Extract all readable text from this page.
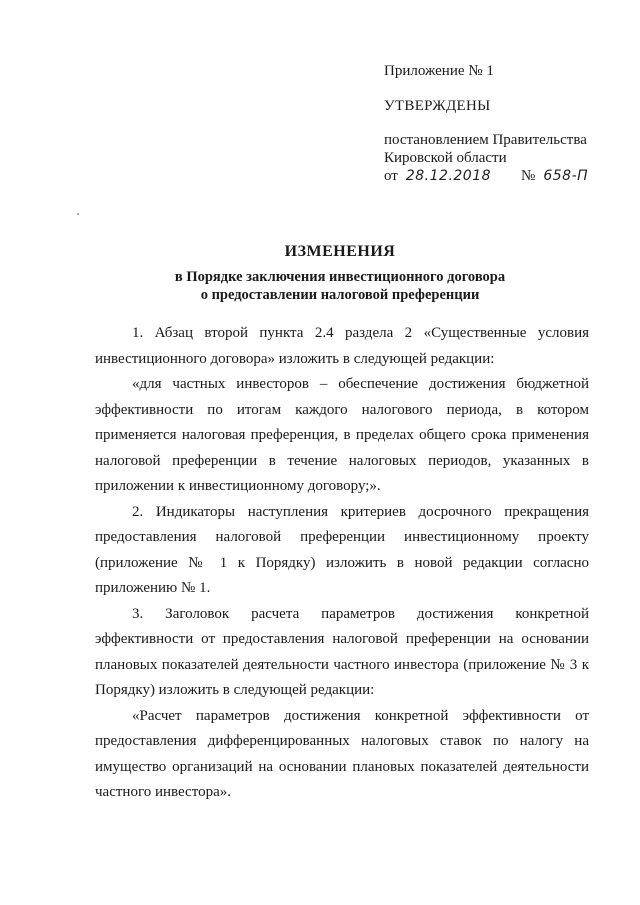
Приложение № 1

УТВЕРЖДЕНЫ

постановлением Правительства

Кировской области

от 28.12.2018 № 658-П

ИЗМЕНЕНИЯ

в Порядке заключения инвестиционного договора

о предоставлении налоговой преференции

1. Абзац второй пункта 2.4 раздела 2 «Существенные условия инвестиционного договора» изложить в следующей редакции:

«для частных инвесторов – обеспечение достижения бюджетной эффективности по итогам каждого налогового периода, в котором применяется налоговая преференция, в пределах общего срока применения налоговой преференции в течение налоговых периодов, указанных в приложении к инвестиционному договору;».

2. Индикаторы наступления критериев досрочного прекращения предоставления налоговой преференции инвестиционному проекту (приложение № 1 к Порядку) изложить в новой редакции согласно приложению № 1.

3. Заголовок расчета параметров достижения конкретной эффективности от предоставления налоговой преференции на основании плановых показателей деятельности частного инвестора (приложение № 3 к Порядку) изложить в следующей редакции:

«Расчет параметров достижения конкретной эффективности от предоставления дифференцированных налоговых ставок по налогу на имущество организаций на основании плановых показателей деятельности частного инвестора».
